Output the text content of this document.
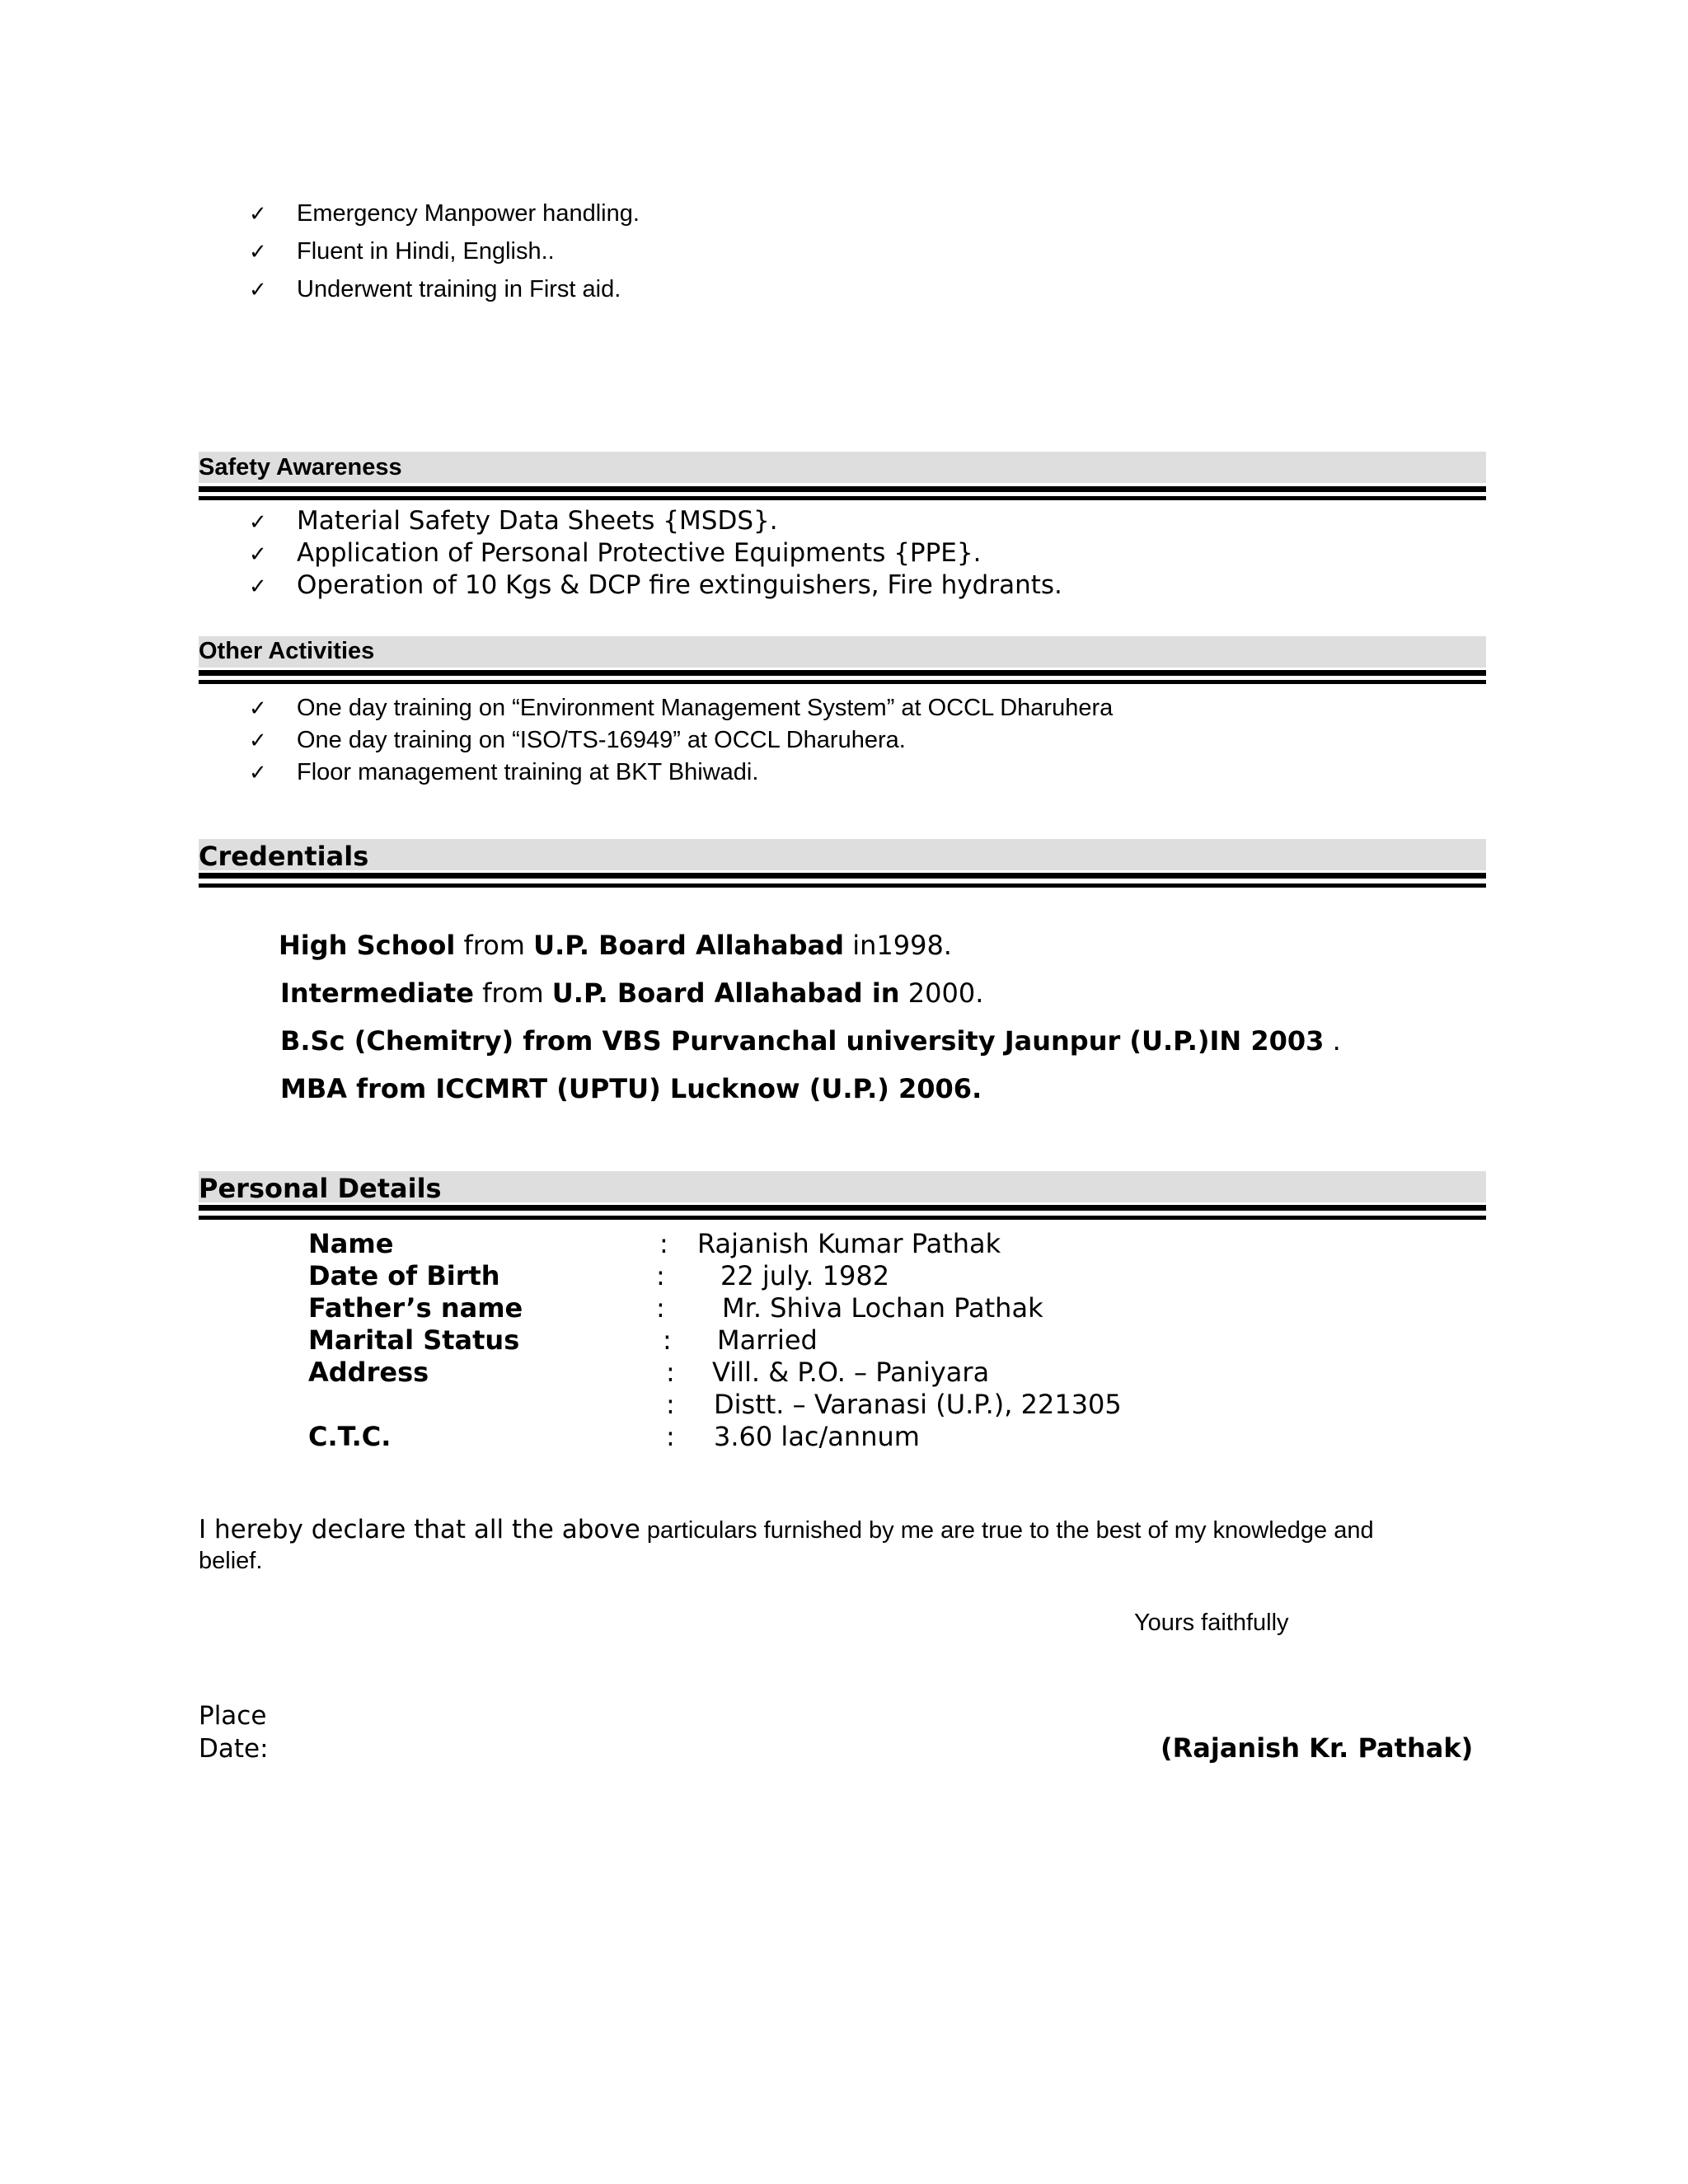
✓	Emergency Manpower handling.
✓	Fluent in Hindi, English..
✓	Underwent training in First aid.
Safety Awareness
✓	Material Safety Data Sheets {MSDS}.
✓	Application of Personal Protective Equipments {PPE}.
✓	Operation of 10 Kgs & DCP fire extinguishers, Fire hydrants.
Other Activities
✓	One day training on “Environment Management System” at OCCL Dharuhera
✓	One day training on “ISO/TS-16949” at OCCL Dharuhera.
✓	Floor management training at BKT Bhiwadi.
Credentials
High School from U.P. Board Allahabad in1998.
Intermediate from U.P. Board Allahabad in 2000.
B.Sc (Chemitry) from VBS Purvanchal university Jaunpur (U.P.)IN 2003 .
MBA from ICCMRT (UPTU) Lucknow (U.P.) 2006.
Personal Details
Name	: Rajanish Kumar Pathak
Date of Birth	: 22 july. 1982
Father’s name	: Mr. Shiva Lochan Pathak
Marital Status	: Married
Address	: Vill. & P.O. – Paniyara
: Distt. – Varanasi (U.P.), 221305
C.T.C.	: 3.60 lac/annum
I hereby declare that all the above particulars furnished by me are true to the best of my knowledge and
belief.
Yours faithfully
Place
Date:	(Rajanish Kr. Pathak)
